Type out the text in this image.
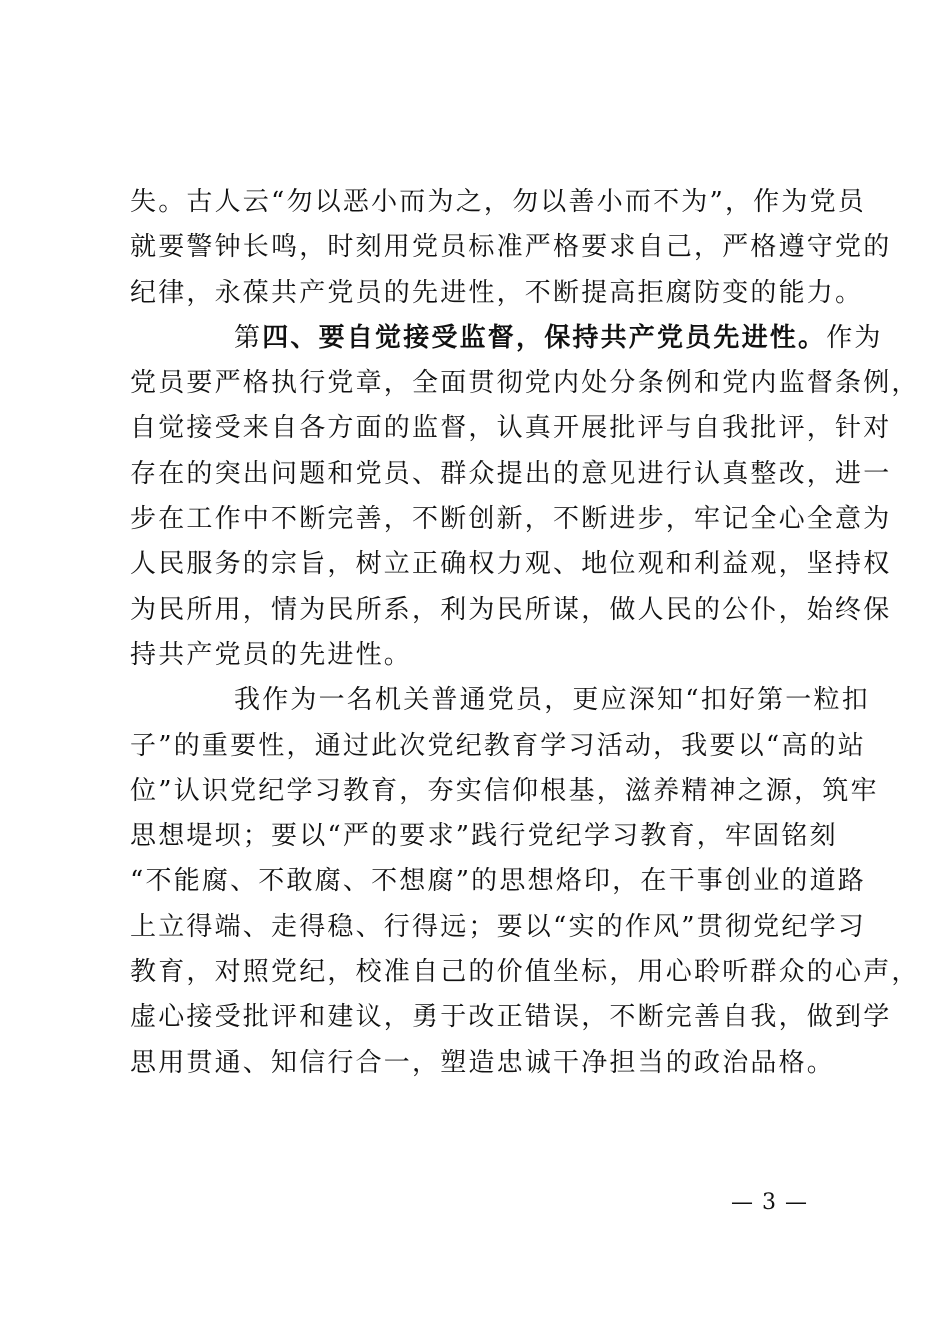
失。古人云“勿以恶小而为之，勿以善小而不为”，作为党员
就要警钟长鸣，时刻用党员标准严格要求自己，严格遵守党的
纪律，永葆共产党员的先进性，不断提高拒腐防变的能力。

第四、要自觉接受监督，保持共产党员先进性。作为
党员要严格执行党章，全面贯彻党内处分条例和党内监督条例，
自觉接受来自各方面的监督，认真开展批评与自我批评，针对
存在的突出问题和党员、群众提出的意见进行认真整改，进一
步在工作中不断完善，不断创新，不断进步，牢记全心全意为
人民服务的宗旨，树立正确权力观、地位观和利益观，坚持权
为民所用，情为民所系，利为民所谋，做人民的公仆，始终保
持共产党员的先进性。

我作为一名机关普通党员，更应深知“扣好第一粒扣
子”的重要性，通过此次党纪教育学习活动，我要以“高的站
位”认识党纪学习教育，夯实信仰根基，滋养精神之源，筑牢
思想堤坝；要以“严的要求”践行党纪学习教育，牢固铭刻
“不能腐、不敢腐、不想腐”的思想烙印，在干事创业的道路
上立得端、走得稳、行得远；要以“实的作风”贯彻党纪学习
教育，对照党纪，校准自己的价值坐标，用心聆听群众的心声，
虚心接受批评和建议，勇于改正错误，不断完善自我，做到学
思用贯通、知信行合一，塑造忠诚干净担当的政治品格。

— 3 —
